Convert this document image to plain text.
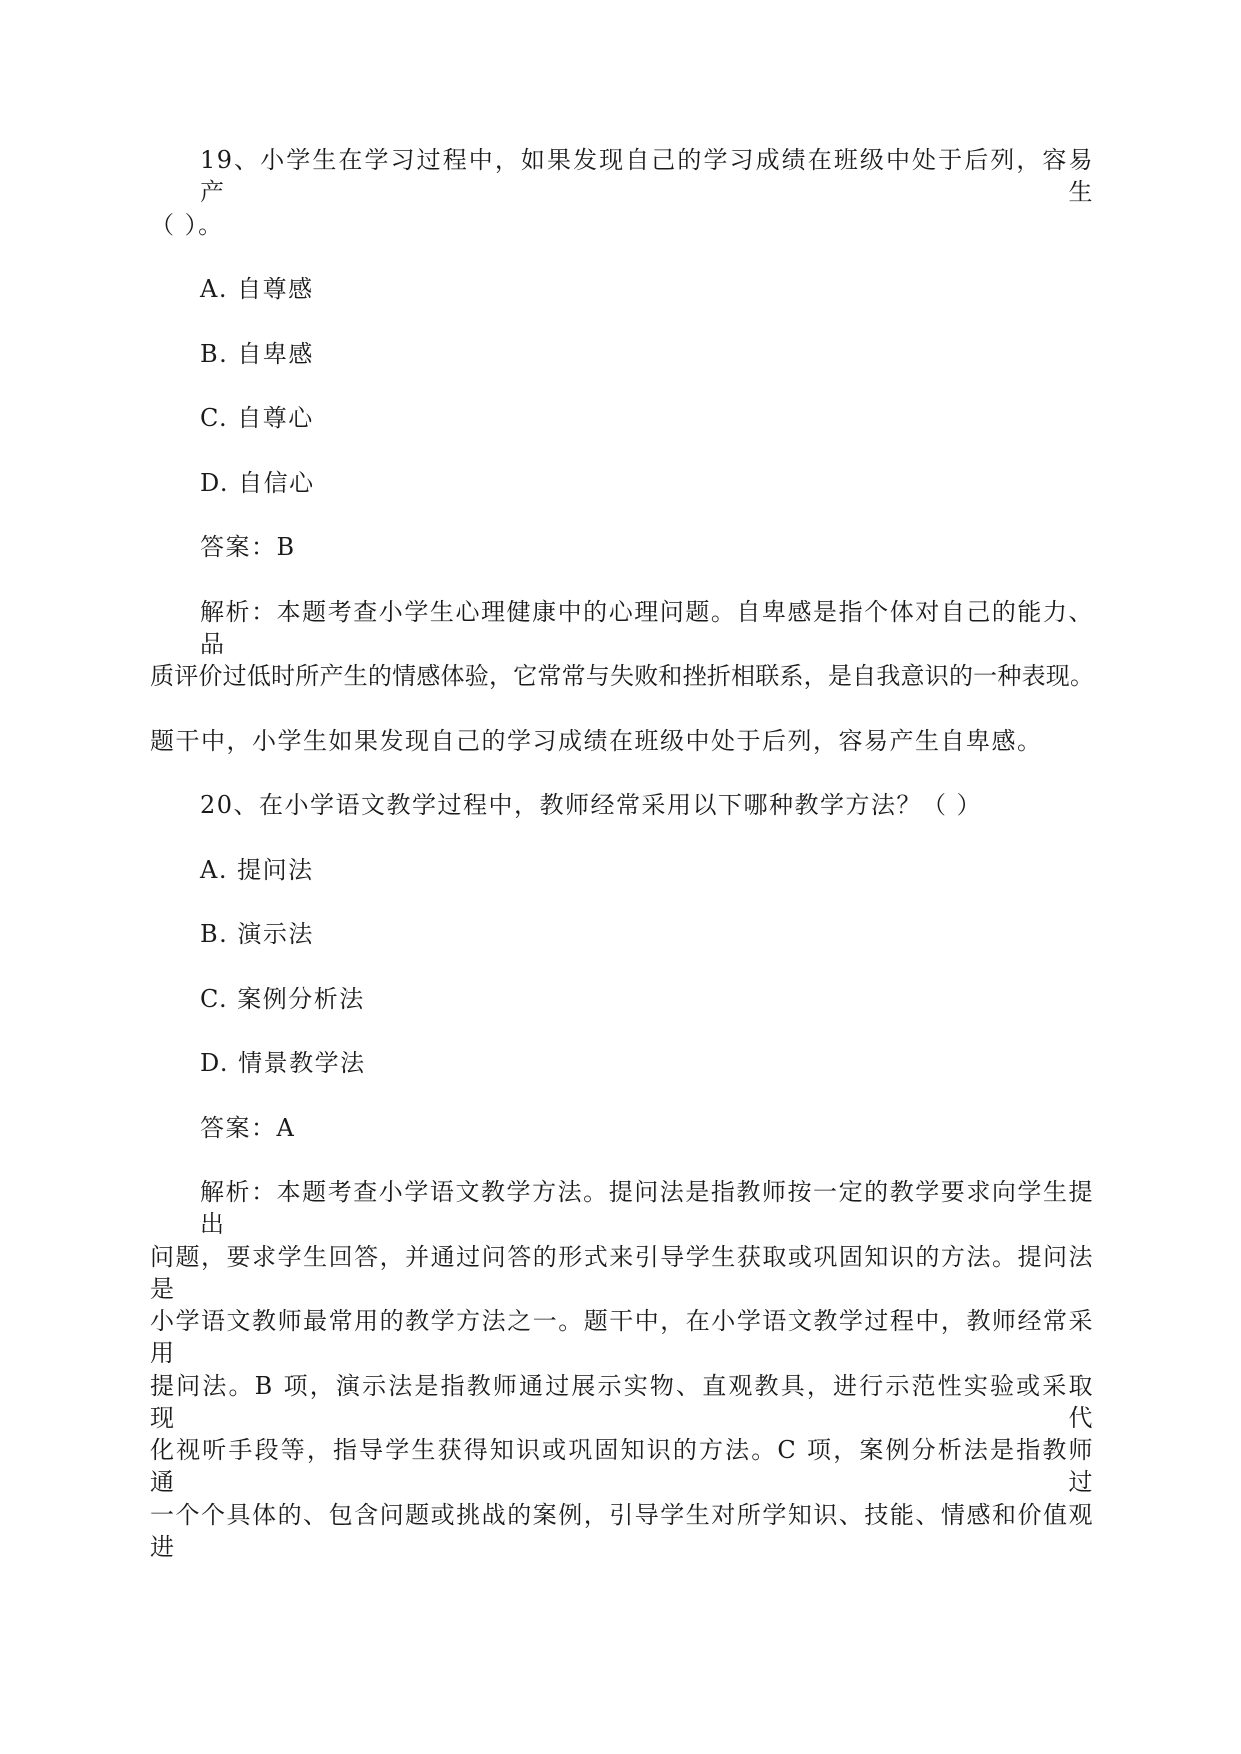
19、小学生在学习过程中，如果发现自己的学习成绩在班级中处于后列，容易产生
（ ）。
A. 自尊感
B. 自卑感
C. 自尊心
D. 自信心
答案：B
解析：本题考查小学生心理健康中的心理问题。自卑感是指个体对自己的能力、品
质评价过低时所产生的情感体验，它常常与失败和挫折相联系，是自我意识的一种表现。
题干中，小学生如果发现自己的学习成绩在班级中处于后列，容易产生自卑感。
20、在小学语文教学过程中，教师经常采用以下哪种教学方法？（ ）
A. 提问法
B. 演示法
C. 案例分析法
D. 情景教学法
答案：A
解析：本题考查小学语文教学方法。提问法是指教师按一定的教学要求向学生提出
问题，要求学生回答，并通过问答的形式来引导学生获取或巩固知识的方法。提问法是
小学语文教师最常用的教学方法之一。题干中，在小学语文教学过程中，教师经常采用
提问法。B 项，演示法是指教师通过展示实物、直观教具，进行示范性实验或采取现代
化视听手段等，指导学生获得知识或巩固知识的方法。C 项，案例分析法是指教师通过
一个个具体的、包含问题或挑战的案例，引导学生对所学知识、技能、情感和价值观进
